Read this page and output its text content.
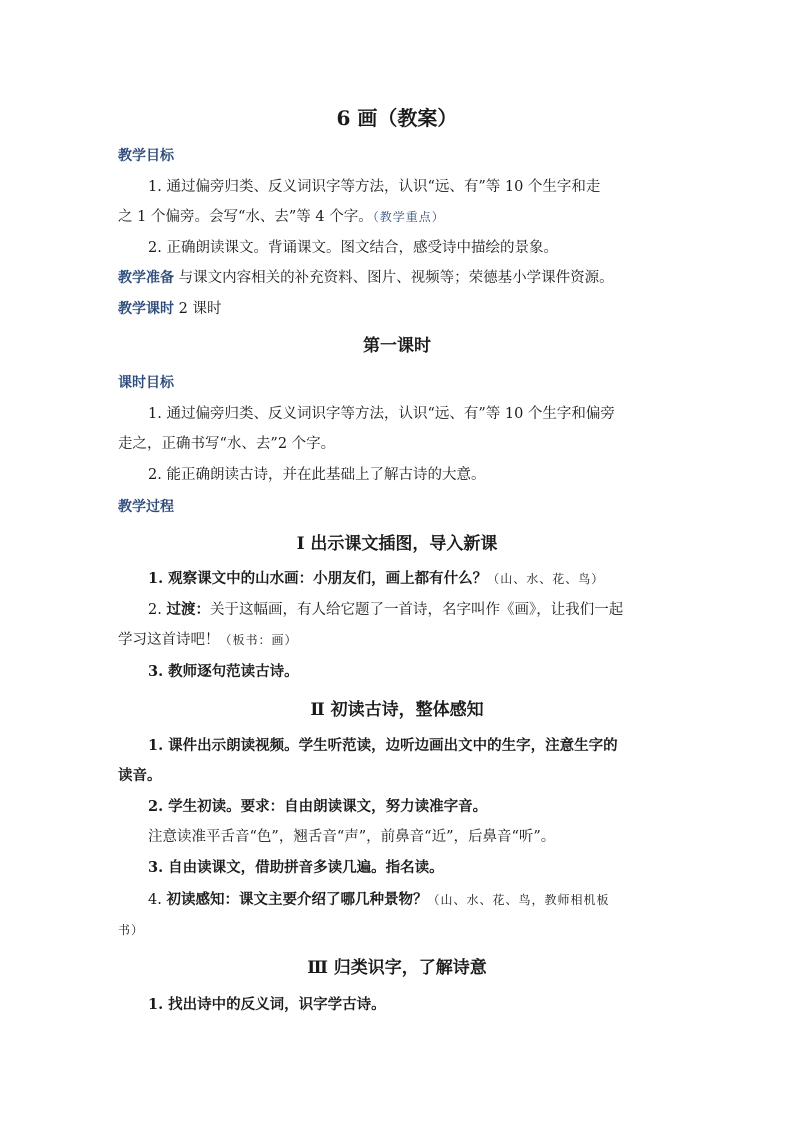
6 画（教案）
教学目标
1. 通过偏旁归类、反义词识字等方法，认识“远、有”等 10 个生字和走
之 1 个偏旁。会写“水、去”等 4 个字。（教学重点）
2. 正确朗读课文。背诵课文。图文结合，感受诗中描绘的景象。
教学准备 与课文内容相关的补充资料、图片、视频等；荣德基小学课件资源。
教学课时 2 课时
第一课时
课时目标
1. 通过偏旁归类、反义词识字等方法，认识“远、有”等 10 个生字和偏旁
走之，正确书写“水、去”2 个字。
2. 能正确朗读古诗，并在此基础上了解古诗的大意。
教学过程
Ⅰ 出示课文插图，导入新课
1. 观察课文中的山水画：小朋友们，画上都有什么？（山、水、花、鸟）
2. 过渡：关于这幅画，有人给它题了一首诗，名字叫作《画》，让我们一起
学习这首诗吧！（板书：画）
3. 教师逐句范读古诗。
Ⅱ 初读古诗，整体感知
1. 课件出示朗读视频。学生听范读，边听边画出文中的生字，注意生字的
读音。
2. 学生初读。要求：自由朗读课文，努力读准字音。
注意读准平舌音“色”，翘舌音“声”，前鼻音“近”，后鼻音“听”。
3. 自由读课文，借助拼音多读几遍。指名读。
4. 初读感知：课文主要介绍了哪几种景物？（山、水、花、鸟，教师相机板
书）
Ⅲ 归类识字，了解诗意
1. 找出诗中的反义词，识字学古诗。
